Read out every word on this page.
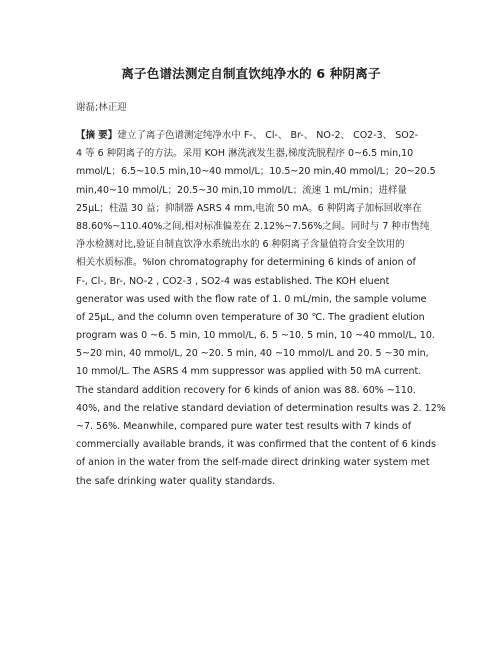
离子色谱法测定自制直饮纯净水的 6 种阴离子
谢磊;林正迎
【摘 要】建立了离子色谱测定纯净水中 F-、 Cl-、 Br-、 NO-2、 CO2-3、 SO2-
4 等 6 种阴离子的方法。采用 KOH 淋洗液发生器,梯度洗脱程序 0~6.5 min,10
mmol/L；6.5~10.5 min,10~40 mmol/L；10.5~20 min,40 mmol/L；20~20.5
min,40~10 mmol/L；20.5~30 min,10 mmol/L；流速 1 mL/min；进样量
25μL；柱温 30 益；抑制器 ASRS 4 mm,电流 50 mA。6 种阴离子加标回收率在
88.60%~110.40%之间,相对标准偏差在 2.12%~7.56%之间。同时与 7 种市售纯
净水检测对比,验证自制直饮净水系统出水的 6 种阴离子含量值符合安全饮用的
相关水质标准。%Ion chromatography for determining 6 kinds of anion of
F-, Cl-, Br-, NO-2 , CO2-3 , SO2-4 was established. The KOH eluent
generator was used with the flow rate of 1. 0 mL/min, the sample volume
of 25μL, and the column oven temperature of 30 ℃. The gradient elution
program was 0 ~6. 5 min, 10 mmol/L, 6. 5 ~10. 5 min, 10 ~40 mmol/L, 10.
5~20 min, 40 mmol/L, 20 ~20. 5 min, 40 ~10 mmol/L and 20. 5 ~30 min,
10 mmol/L. The ASRS 4 mm suppressor was applied with 50 mA current.
The standard addition recovery for 6 kinds of anion was 88. 60% ~110.
40%, and the relative standard deviation of determination results was 2. 12%
~7. 56%. Meanwhile, compared pure water test results with 7 kinds of
commercially available brands, it was confirmed that the content of 6 kinds
of anion in the water from the self-made direct drinking water system met
the safe drinking water quality standards.
